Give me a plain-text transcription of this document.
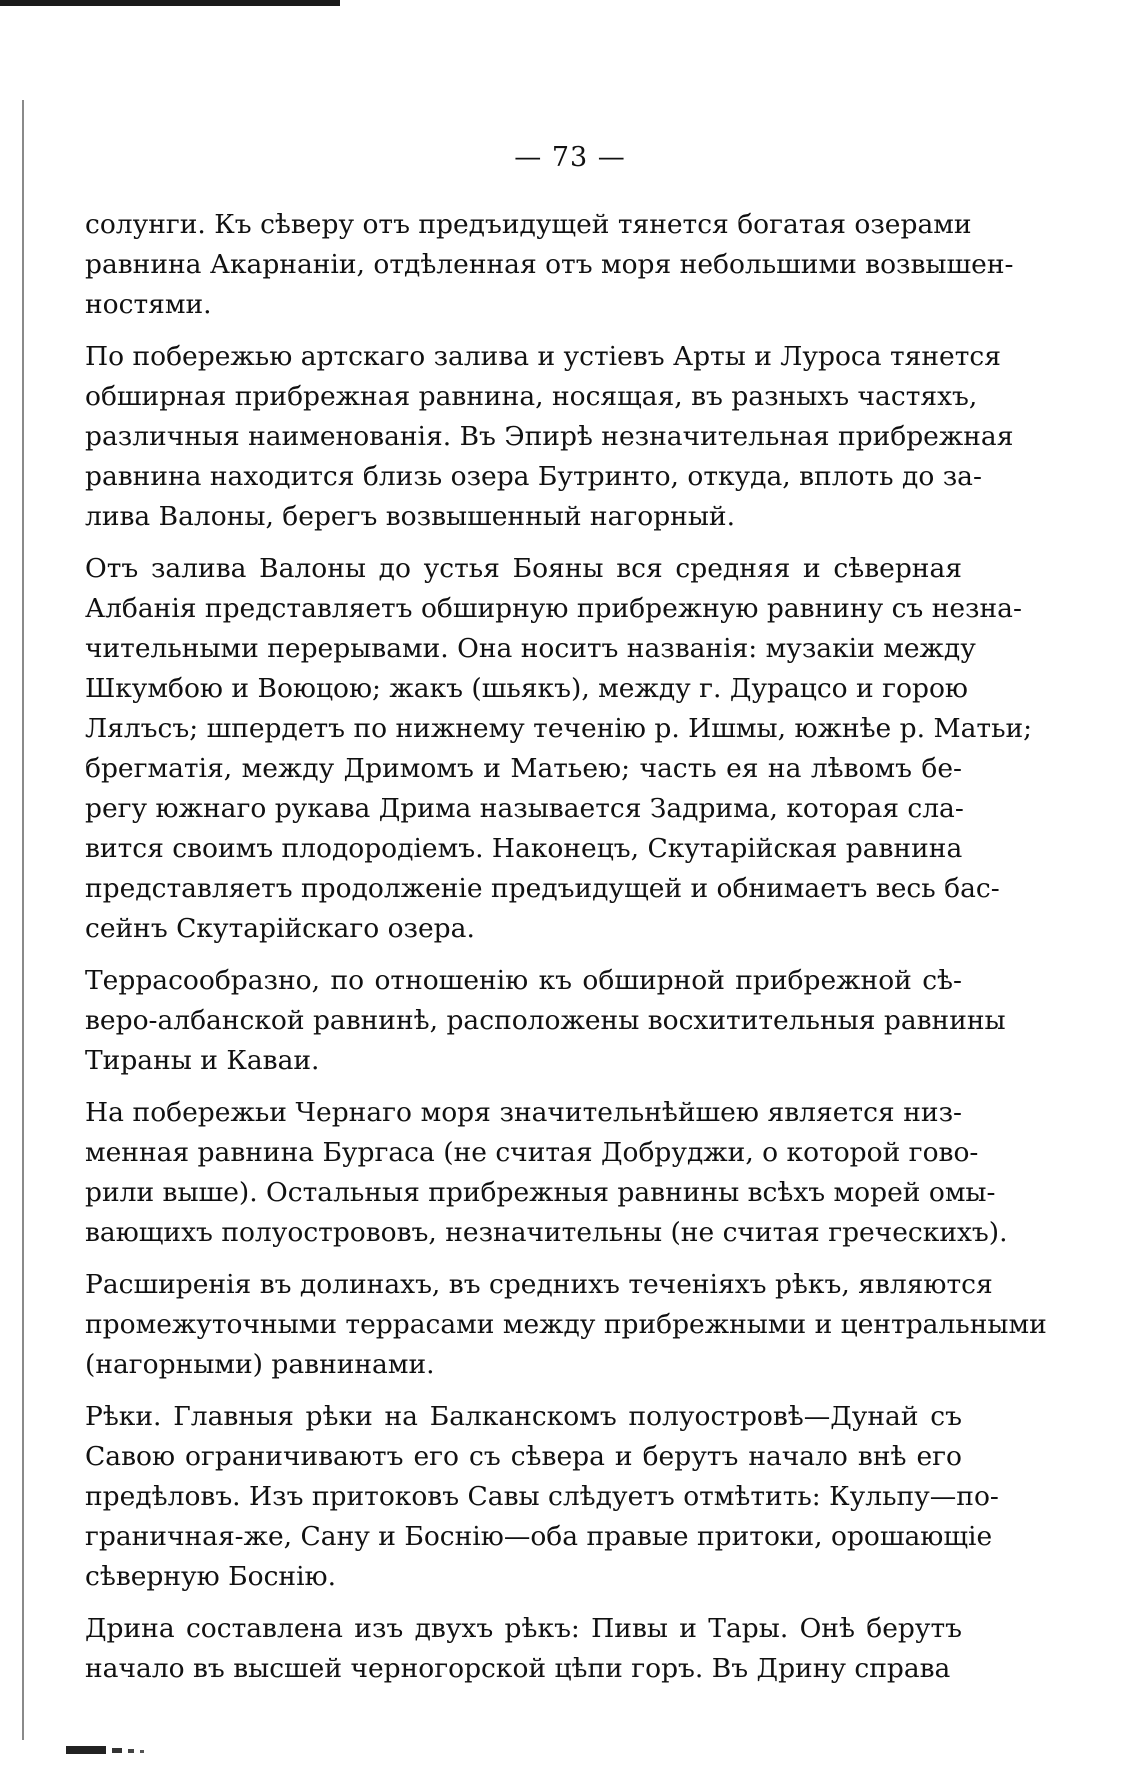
— 73 —

солунги. Къ сѣверу отъ предъидущей тянется богатая озерами
равнина Акарнаніи, отдѣленная отъ моря небольшими возвышен-
ностями.

По побережью артскаго залива и устіевъ Арты и Луроса тянется
обширная прибрежная равнина, носящая, въ разныхъ частяхъ,
различныя наименованія. Въ Эпирѣ незначительная прибрежная
равнина находится близь озера Бутринто, откуда, вплоть до за-
лива Валоны, берегъ возвышенный нагорный.

Отъ залива Валоны до устья Бояны вся средняя и сѣверная
Албанія представляетъ обширную прибрежную равнину съ незна-
чительными перерывами. Она носитъ названія: музакіи между
Шкумбою и Воюцою; жакъ (шьякъ), между г. Дурацco и горою
Лялъсъ; шпердетъ по нижнему теченію р. Ишмы, южнѣе р. Матьи;
брегматія, между Дримомъ и Матьею; часть ея на лѣвомъ бе-
регу южнаго рукава Дрима называется Задрима, которая сла-
вится своимъ плодородіемъ. Наконецъ, Скутарійская равнина
представляетъ продолженіе предъидущей и обнимаетъ весь бас-
сейнъ Скутарійскаго озера.

Террасообразно, по отношенію къ обширной прибрежной сѣ-
веро-албанской равнинѣ, расположены восхитительныя равнины
Тираны и Каваи.

На побережьи Чернаго моря значительнѣйшею является низ-
менная равнина Бургаса (не считая Добруджи, о которой гово-
рили выше). Остальныя прибрежныя равнины всѣхъ морей омы-
вающихъ полуостровoвъ, незначительны (не считая греческихъ).

Расширенія въ долинахъ, въ среднихъ теченіяхъ рѣкъ, являются
промежуточными террасами между прибрежными и центральными
(нагорными) равнинами.

Рѣки. Главныя рѣки на Балканскомъ полуостровѣ—Дунай съ
Савою ограничиваютъ его съ сѣвера и берутъ начало внѣ его
предѣловъ. Изъ притоковъ Савы слѣдуетъ отмѣтить: Кульпу—по-
граничная-же, Сану и Боснію—оба правые притоки, орошающіе
сѣверную Боснію.

Дрина составлена изъ двухъ рѣкъ: Пивы и Тары. Онѣ берутъ
начало въ высшей черногорской цѣпи горъ. Въ Дрину справа
